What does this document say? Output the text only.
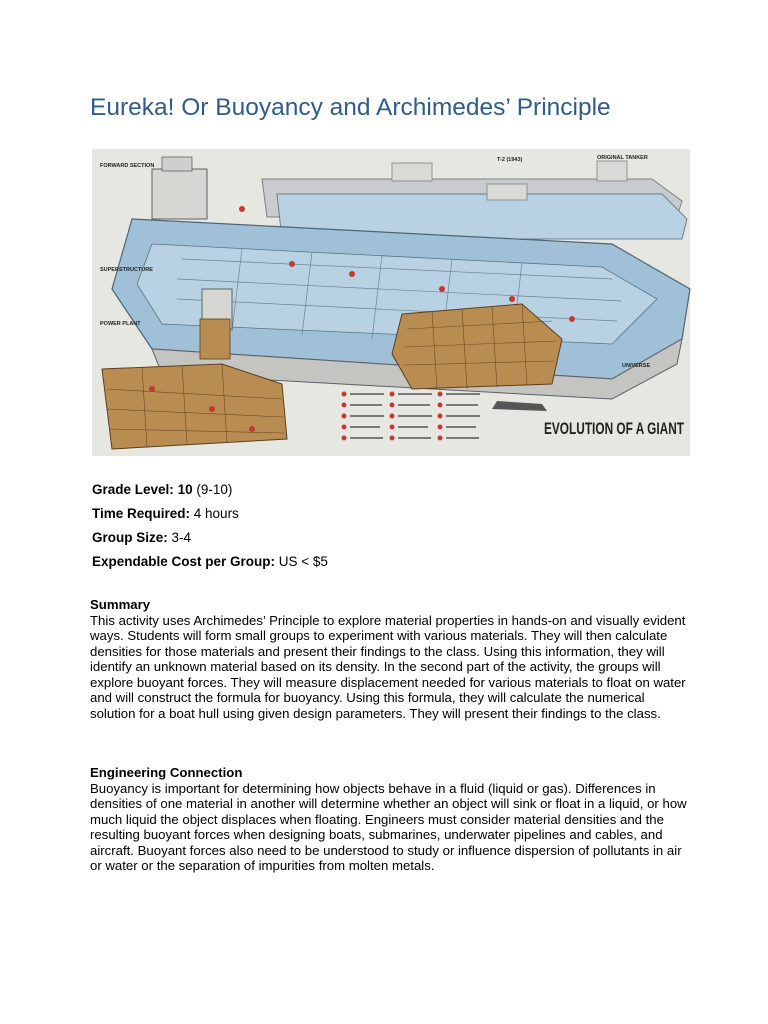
Eureka! Or Buoyancy and Archimedes’ Principle
FORWARD SECTION
SUPERSTRUCTURE
POWER PLANT
T-2 (1943)	ORIGINAL TANKER
UNIVERSE
EVOLUTION OF A GIANT
Grade Level: 10 (9-10)
Time Required: 4 hours
Group Size: 3-4
Expendable Cost per Group: US < $5
Summary

This activity uses Archimedes’ Principle to explore material properties in hands-on and visually evident ways. Students will form small groups to experiment with various materials. They will then calculate densities for those materials and present their findings to the class. Using this information, they will identify an unknown material based on its density. In the second part of the activity, the groups will explore buoyant forces. They will measure displacement needed for various materials to float on water and will construct the formula for buoyancy. Using this formula, they will calculate the numerical solution for a boat hull using given design parameters. They will present their findings to the class.

Engineering Connection

Buoyancy is important for determining how objects behave in a fluid (liquid or gas). Differences in densities of one material in another will determine whether an object will sink or float in a liquid, or how much liquid the object displaces when floating. Engineers must consider material densities and the resulting buoyant forces when designing boats, submarines, underwater pipelines and cables, and aircraft. Buoyant forces also need to be understood to study or influence dispersion of pollutants in air or water or the separation of impurities from molten metals.
